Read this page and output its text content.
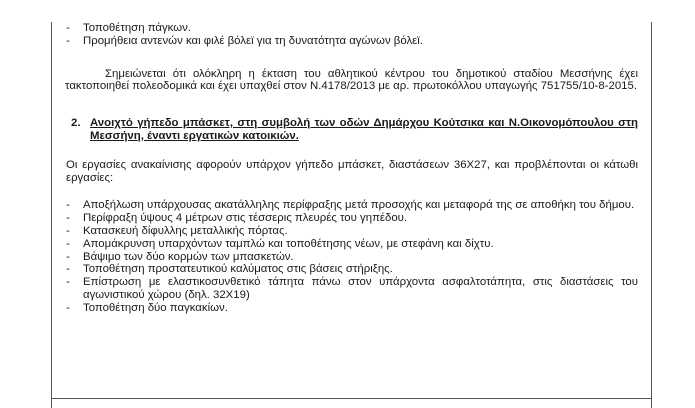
- Τοποθέτηση πάγκων.
- Προμήθεια αντενών και φιλέ βόλεϊ για τη δυνατότητα αγώνων βόλεϊ.

Σημειώνεται ότι ολόκληρη η έκταση του αθλητικού κέντρου του δημοτικού σταδίου Μεσσήνης έχει τακτοποιηθεί πολεοδομικά και έχει υπαχθεί στον Ν.4178/2013 με αρ. πρωτοκόλλου υπαγωγής 751755/10-8-2015.

2. Ανοιχτό γήπεδο μπάσκετ, στη συμβολή των οδών Δημάρχου Κούτσικα και Ν.Οικονομόπουλου στη Μεσσήνη, έναντι εργατικών κατοικιών.

Οι εργασίες ανακαίνισης αφορούν υπάρχον γήπεδο μπάσκετ, διαστάσεων 36Χ27, και προβλέπονται οι κάτωθι εργασίες:

- Αποξήλωση υπάρχουσας ακατάλληλης περίφραξης μετά προσοχής και μεταφορά της σε αποθήκη του δήμου.
- Περίφραξη ύψους 4 μέτρων στις τέσσερις πλευρές του γηπέδου.
- Κατασκευή δίφυλλης μεταλλικής πόρτας.
- Απομάκρυνση υπαρχόντων ταμπλώ και τοποθέτησης νέων, με στεφάνη και δίχτυ.
- Βάψιμο των δύο κορμών των μπασκετών.
- Τοποθέτηση προστατευτικού καλύματος στις βάσεις στήριξης.
- Επίστρωση με ελαστικοσυνθετικό τάπητα πάνω στον υπάρχοντα ασφαλτοτάπητα, στις διαστάσεις του αγωνιστικού χώρου (δηλ. 32Χ19)
- Τοποθέτηση δύο παγκακίων.
